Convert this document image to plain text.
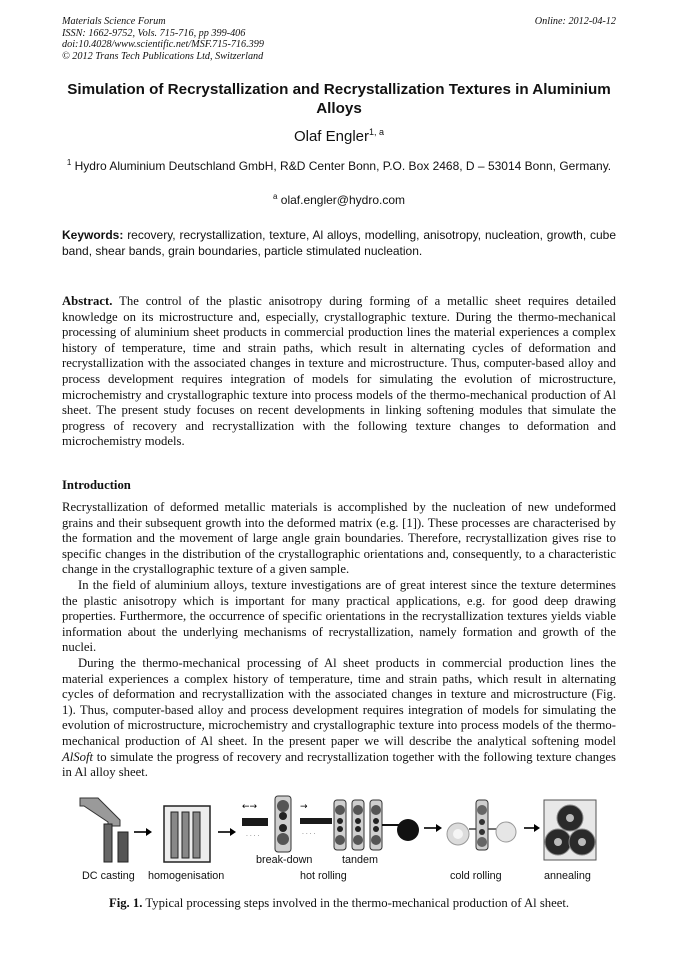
Materials Science Forum
ISSN: 1662-9752, Vols. 715-716, pp 399-406
doi:10.4028/www.scientific.net/MSF.715-716.399
© 2012 Trans Tech Publications Ltd, Switzerland
Online: 2012-04-12
Simulation of Recrystallization and Recrystallization Textures in Aluminium Alloys
Olaf Engler$^{1, a}$
$^1$ Hydro Aluminium Deutschland GmbH, R&D Center Bonn, P.O. Box 2468, D – 53014 Bonn, Germany.
$^a$ olaf.engler@hydro.com
Keywords: recovery, recrystallization, texture, Al alloys, modelling, anisotropy, nucleation, growth, cube band, shear bands, grain boundaries, particle stimulated nucleation.
Abstract. The control of the plastic anisotropy during forming of a metallic sheet requires detailed knowledge on its microstructure and, especially, crystallographic texture. During the thermo-mechanical processing of aluminium sheet products in commercial production lines the material experiences a complex history of temperature, time and strain paths, which result in alternating cycles of deformation and recrystallization with the associated changes in texture and microstructure. Thus, computer-based alloy and process development requires integration of models for simulating the evolution of microstructure, microchemistry and crystallographic texture into process models of the thermo-mechanical production of Al sheet. The present study focuses on recent developments in linking softening modules that simulate the progress of recovery and recrystallization with the following texture changes to deformation and microchemistry models.
Introduction

Recrystallization of deformed metallic materials is accomplished by the nucleation of new undeformed grains and their subsequent growth into the deformed matrix (e.g. [1]). These processes are characterised by the formation and the movement of large angle grain boundaries. Therefore, recrystallization gives rise to specific changes in the distribution of the crystallographic orientations and, consequently, to a characteristic change in the crystallographic texture of a given sample.

In the field of aluminium alloys, texture investigations are of great interest since the texture determines the plastic anisotropy which is important for many practical applications, e.g. for good deep drawing properties. Furthermore, the occurrence of specific orientations in the recrystallization textures yields viable information about the underlying mechanisms of recrystallization, namely formation and growth of the nuclei.

During the thermo-mechanical processing of Al sheet products in commercial production lines the material experiences a complex history of temperature, time and strain paths, which result in alternating cycles of deformation and recrystallization with the associated changes in texture and microstructure (Fig. 1). Thus, computer-based alloy and process development requires integration of models for simulating the evolution of microstructure, microchemistry and crystallographic texture into process models of the thermo-mechanical production of Al sheet. In the present paper we will describe the analytical softening model AlSoft to simulate the progress of recovery and recrystallization together with the following texture changes in Al alloy sheet.

←→
· · · ·
→
· · · ·
DC casting homogenisation
break-down	tandem
hot rolling	cold rolling	annealing
Fig. 1. Typical processing steps involved in the thermo-mechanical production of Al sheet.
